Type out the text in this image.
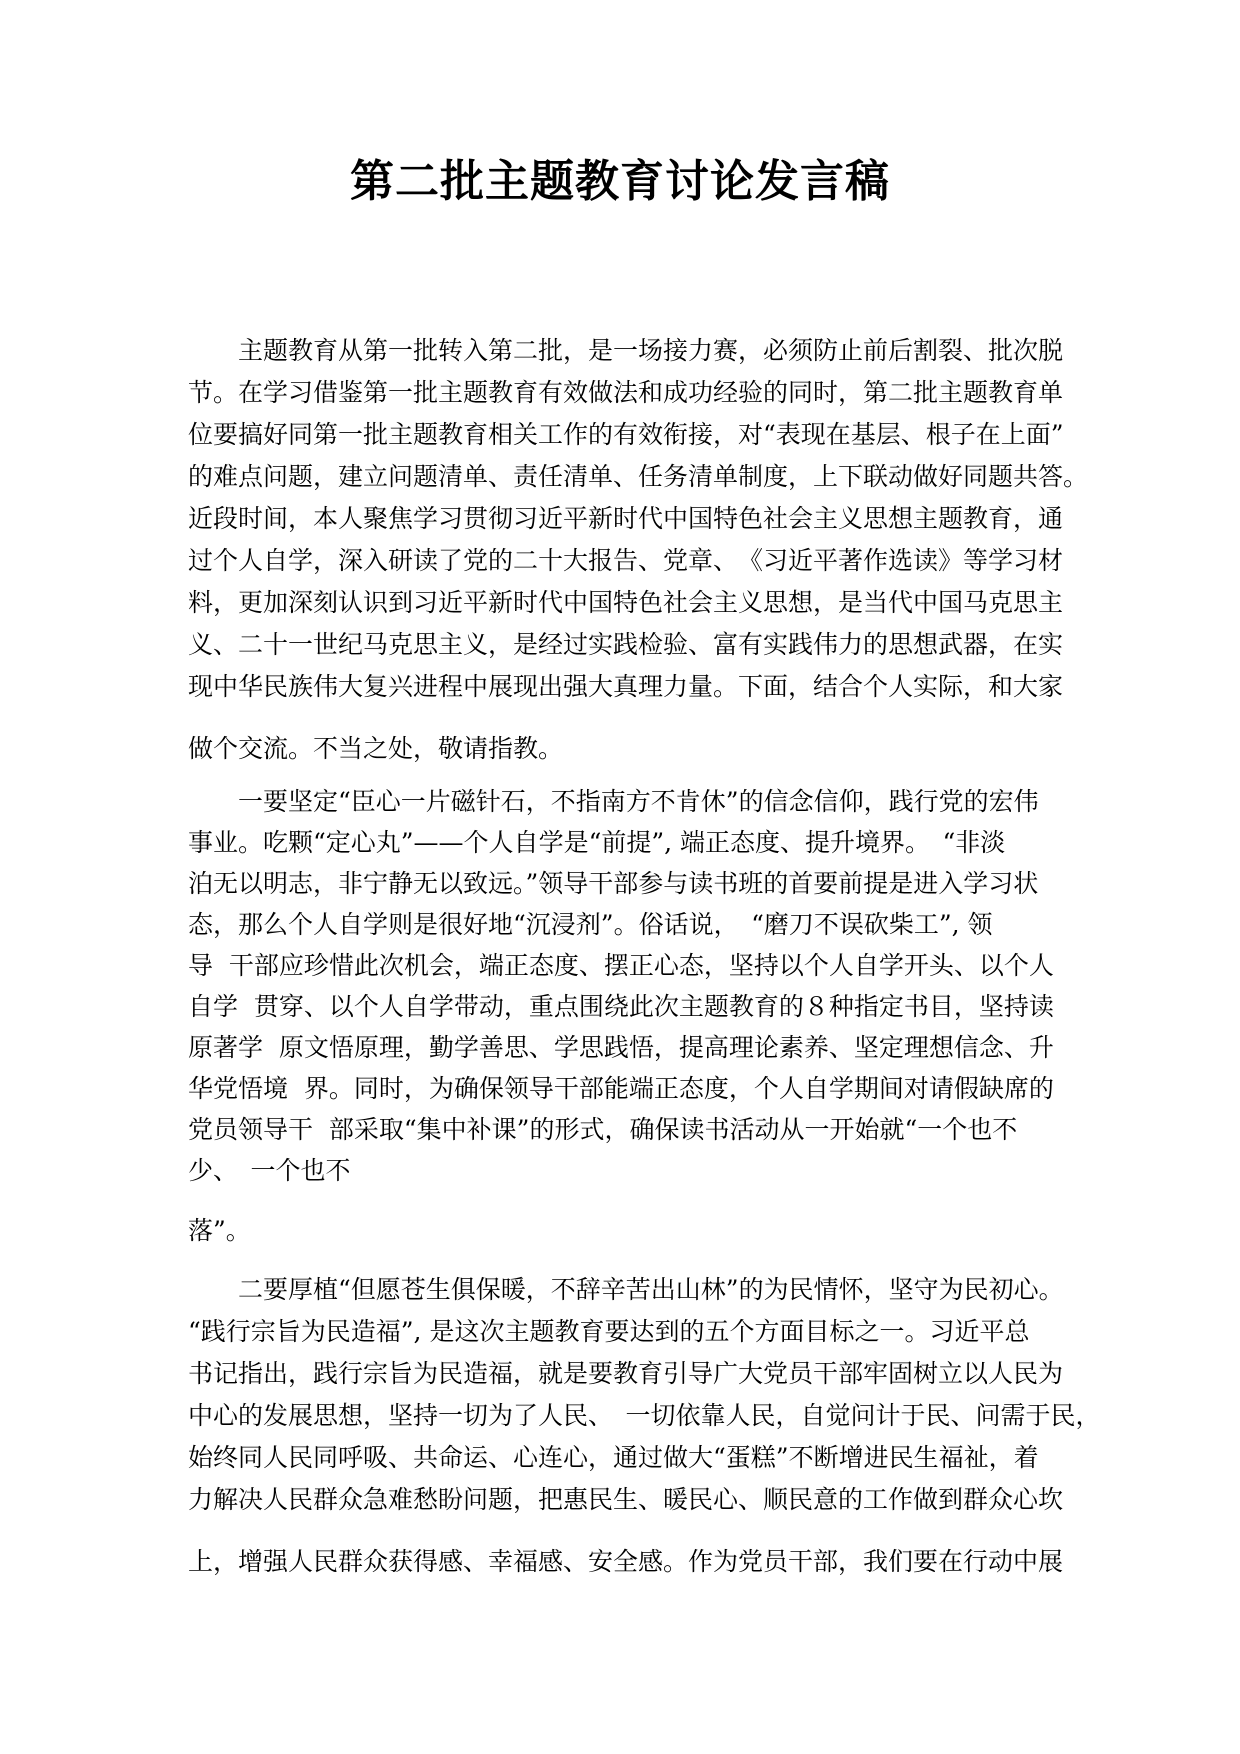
第二批主题教育讨论发言稿

　　主题教育从第一批转入第二批，是一场接力赛，必须防止前后割裂、批次脱

节。在学习借鉴第一批主题教育有效做法和成功经验的同时，第二批主题教育单

位要搞好同第一批主题教育相关工作的有效衔接，对“表现在基层、根子在上面”

的难点问题，建立问题清单、责任清单、任务清单制度，上下联动做好同题共答。

近段时间，本人聚焦学习贯彻习近平新时代中国特色社会主义思想主题教育，通

过个人自学，深入研读了党的二十大报告、党章、　《习近平著作选读》等学习材

料，更加深刻认识到习近平新时代中国特色社会主义思想，是当代中国马克思主

义、二十一世纪马克思主义，是经过实践检验、富有实践伟力的思想武器，在实

现中华民族伟大复兴进程中展现出强大真理力量。下面，结合个人实际，和大家

做个交流。不当之处，敬请指教。

　　一要坚定“臣心一片磁针石，不指南方不肯休”的信念信仰，践行党的宏伟

事业。吃颗“定心丸”——个人自学是“前提”, 端正态度、提升境界。　“非淡

泊无以明志，非宁静无以致远。”领导干部参与读书班的首要前提是进入学习状

态，那么个人自学则是很好地“沉浸剂”。俗话说，　“磨刀不误砍柴工”, 领

导  干部应珍惜此次机会，端正态度、摆正心态，坚持以个人自学开头、以个人

自学  贯穿、以个人自学带动，重点围绕此次主题教育的８种指定书目，坚持读

原著学  原文悟原理，勤学善思、学思践悟，提高理论素养、坚定理想信念、升

华党悟境  界。同时，为确保领导干部能端正态度，个人自学期间对请假缺席的

党员领导干  部采取“集中补课”的形式，确保读书活动从一开始就“一个也不

少、　一个也不

落”。

　　二要厚植“但愿苍生俱保暖，不辞辛苦出山林”的为民情怀，坚守为民初心。

“践行宗旨为民造福”, 是这次主题教育要达到的五个方面目标之一。习近平总

书记指出，践行宗旨为民造福，就是要教育引导广大党员干部牢固树立以人民为

中心的发展思想，坚持一切为了人民、　一切依靠人民，自觉问计于民、问需于民，

始终同人民同呼吸、共命运、心连心，通过做大“蛋糕”不断增进民生福祉，着

力解决人民群众急难愁盼问题，把惠民生、暖民心、顺民意的工作做到群众心坎

上，增强人民群众获得感、幸福感、安全感。作为党员干部，我们要在行动中展
